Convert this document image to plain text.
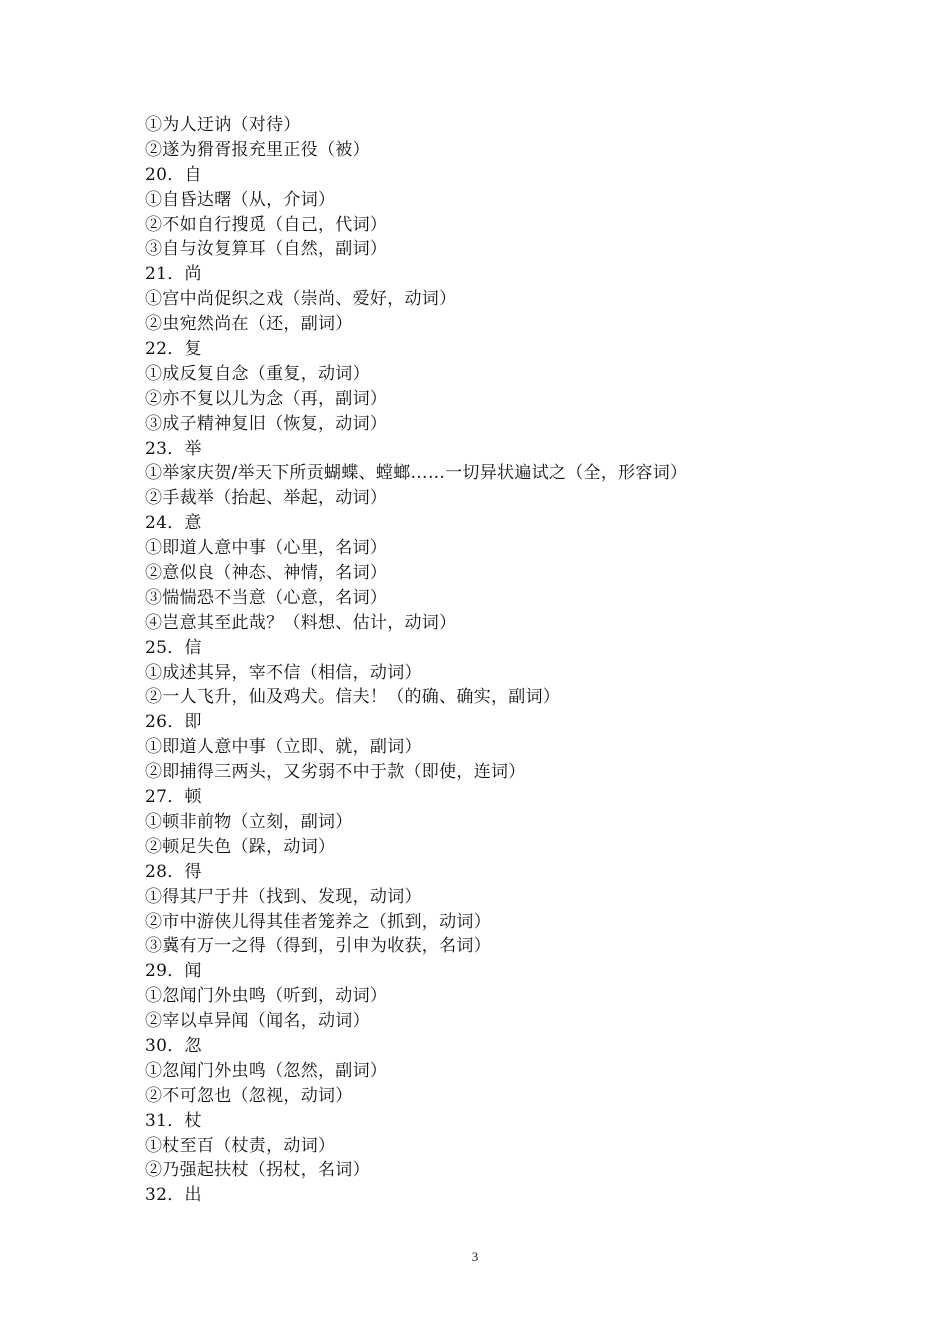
①为人迂讷（对待）
②遂为猾胥报充里正役（被）
20．自
①自昏达曙（从，介词）
②不如自行搜觅（自己，代词）
③自与汝复算耳（自然，副词）
21．尚
①宫中尚促织之戏（崇尚、爱好，动词）
②虫宛然尚在（还，副词）
22．复
①成反复自念（重复，动词）
②亦不复以儿为念（再，副词）
③成子精神复旧（恢复，动词）
23．举
①举家庆贺/举天下所贡蝴蝶、螳螂……一切异状遍试之（全，形容词）
②手裁举（抬起、举起，动词）
24．意
①即道人意中事（心里，名词）
②意似良（神态、神情，名词）
③惴惴恐不当意（心意，名词）
④岂意其至此哉？（料想、估计，动词）
25．信
①成述其异，宰不信（相信，动词）
②一人飞升，仙及鸡犬。信夫！（的确、确实，副词）
26．即
①即道人意中事（立即、就，副词）
②即捕得三两头，又劣弱不中于款（即使，连词）
27．顿
①顿非前物（立刻，副词）
②顿足失色（跺，动词）
28．得
①得其尸于井（找到、发现，动词）
②市中游侠儿得其佳者笼养之（抓到，动词）
③冀有万一之得（得到，引申为收获，名词）
29．闻
①忽闻门外虫鸣（听到，动词）
②宰以卓异闻（闻名，动词）
30．忽
①忽闻门外虫鸣（忽然，副词）
②不可忽也（忽视，动词）
31．杖
①杖至百（杖责，动词）
②乃强起扶杖（拐杖，名词）
32．出
3
